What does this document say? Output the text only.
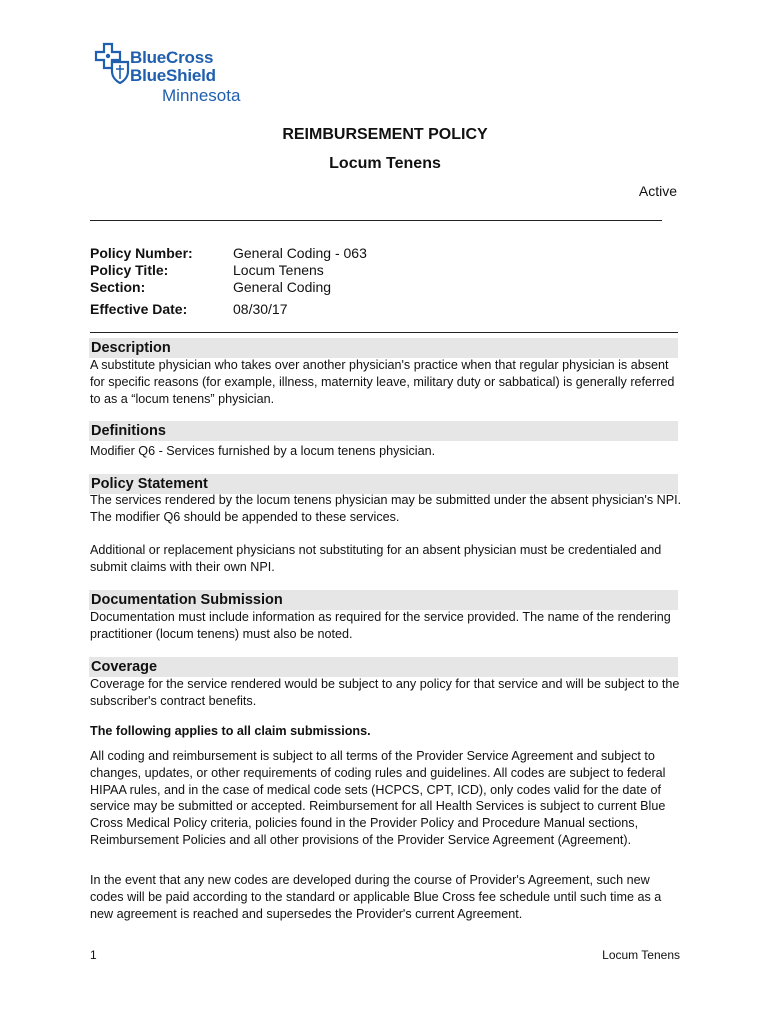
BlueCross
BlueShield
Minnesota
REIMBURSEMENT POLICY
Locum Tenens
Active
Policy Number:	General Coding - 063
Policy Title:	Locum Tenens
Section:	General Coding
Effective Date:	08/30/17
Description
A substitute physician who takes over another physician's practice when that regular physician is absent for specific reasons (for example, illness, maternity leave, military duty or sabbatical) is generally referred to as a “locum tenens” physician.
Definitions
Modifier Q6 - Services furnished by a locum tenens physician.
Policy Statement
The services rendered by the locum tenens physician may be submitted under the absent physician's NPI. The modifier Q6 should be appended to these services.
Additional or replacement physicians not substituting for an absent physician must be credentialed and submit claims with their own NPI.
Documentation Submission
Documentation must include information as required for the service provided. The name of the rendering practitioner (locum tenens) must also be noted.
Coverage
Coverage for the service rendered would be subject to any policy for that service and will be subject to the subscriber's contract benefits.
The following applies to all claim submissions.
All coding and reimbursement is subject to all terms of the Provider Service Agreement and subject to changes, updates, or other requirements of coding rules and guidelines. All codes are subject to federal HIPAA rules, and in the case of medical code sets (HCPCS, CPT, ICD), only codes valid for the date of service may be submitted or accepted. Reimbursement for all Health Services is subject to current Blue Cross Medical Policy criteria, policies found in the Provider Policy and Procedure Manual sections, Reimbursement Policies and all other provisions of the Provider Service Agreement (Agreement).
In the event that any new codes are developed during the course of Provider's Agreement, such new codes will be paid according to the standard or applicable Blue Cross fee schedule until such time as a new agreement is reached and supersedes the Provider's current Agreement.
1	Locum Tenens
